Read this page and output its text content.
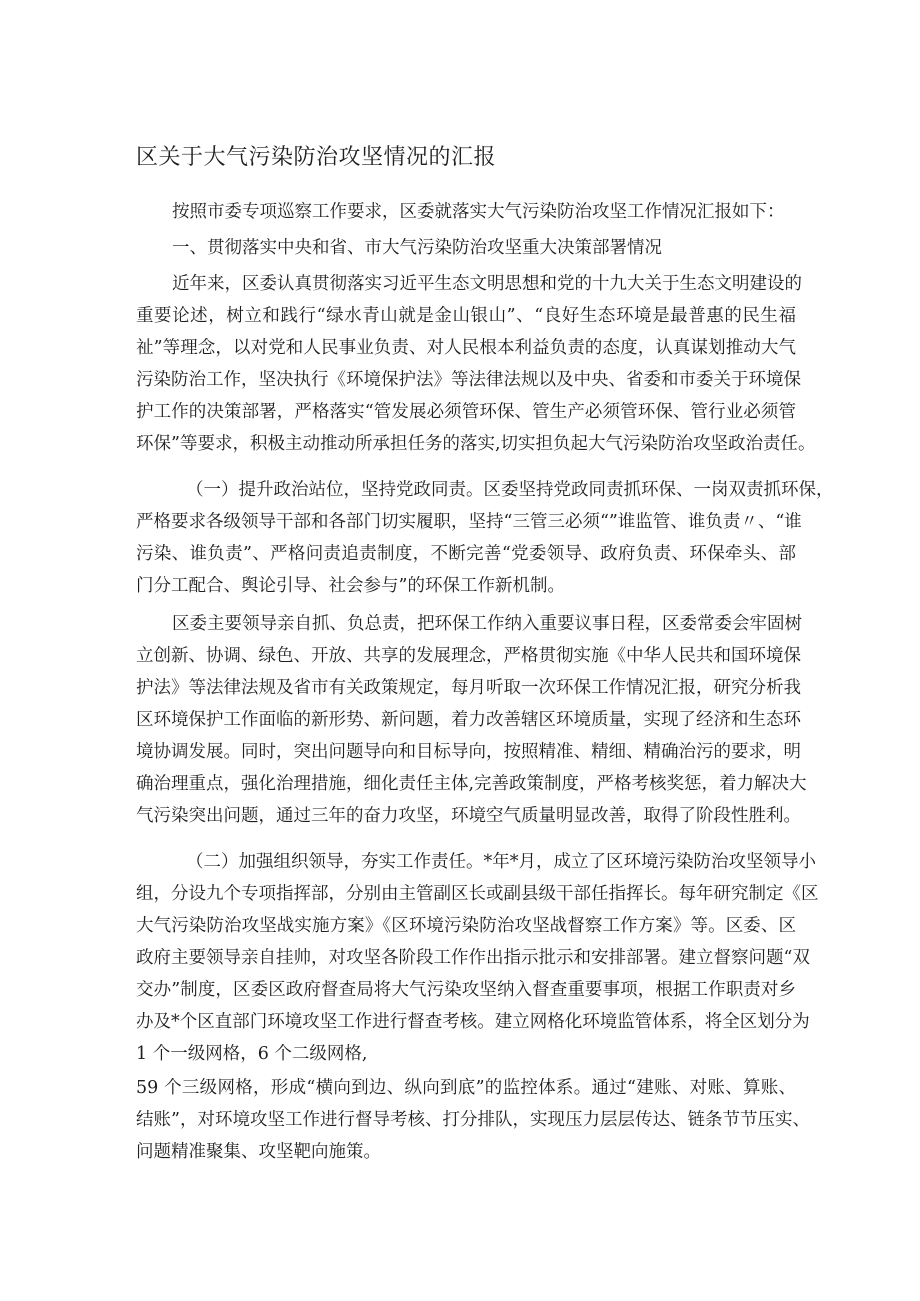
区关于大气污染防治攻坚情况的汇报
按照市委专项巡察工作要求，区委就落实大气污染防治攻坚工作情况汇报如下：
一、贯彻落实中央和省、市大气污染防治攻坚重大决策部署情况
近年来，区委认真贯彻落实习近平生态文明思想和党的十九大关于生态文明建设的
重要论述，树立和践行“绿水青山就是金山银山”、“良好生态环境是最普惠的民生福
祉”等理念，以对党和人民事业负责、对人民根本利益负责的态度，认真谋划推动大气
污染防治工作，坚决执行《环境保护法》等法律法规以及中央、省委和市委关于环境保
护工作的决策部署，严格落实“管发展必须管环保、管生产必须管环保、管行业必须管
环保”等要求，积极主动推动所承担任务的落实,切实担负起大气污染防治攻坚政治责任。
（一）提升政治站位，坚持党政同责。区委坚持党政同责抓环保、一岗双责抓环保，
严格要求各级领导干部和各部门切实履职，坚持“三管三必须“”谁监管、谁负责〃、“谁
污染、谁负责”、严格问责追责制度，不断完善“党委领导、政府负责、环保牵头、部
门分工配合、舆论引导、社会参与”的环保工作新机制。
区委主要领导亲自抓、负总责，把环保工作纳入重要议事日程，区委常委会牢固树
立创新、协调、绿色、开放、共享的发展理念，严格贯彻实施《中华人民共和国环境保
护法》等法律法规及省市有关政策规定，每月听取一次环保工作情况汇报，研究分析我
区环境保护工作面临的新形势、新问题，着力改善辖区环境质量，实现了经济和生态环
境协调发展。同时，突出问题导向和目标导向，按照精准、精细、精确治污的要求，明
确治理重点，强化治理措施，细化责任主体,完善政策制度，严格考核奖惩，着力解决大
气污染突出问题，通过三年的奋力攻坚，环境空气质量明显改善，取得了阶段性胜利。
（二）加强组织领导，夯实工作责任。*年*月，成立了区环境污染防治攻坚领导小
组，分设九个专项指挥部，分别由主管副区长或副县级干部任指挥长。每年研究制定《区
大气污染防治攻坚战实施方案》《区环境污染防治攻坚战督察工作方案》等。区委、区
政府主要领导亲自挂帅，对攻坚各阶段工作作出指示批示和安排部署。建立督察问题“双
交办”制度，区委区政府督查局将大气污染攻坚纳入督查重要事项，根据工作职责对乡
办及*个区直部门环境攻坚工作进行督查考核。建立网格化环境监管体系，将全区划分为
1 个一级网格，6 个二级网格,
59 个三级网格，形成“横向到边、纵向到底”的监控体系。通过“建账、对账、算账、
结账”，对环境攻坚工作进行督导考核、打分排队，实现压力层层传达、链条节节压实、
问题精准聚集、攻坚靶向施策。
